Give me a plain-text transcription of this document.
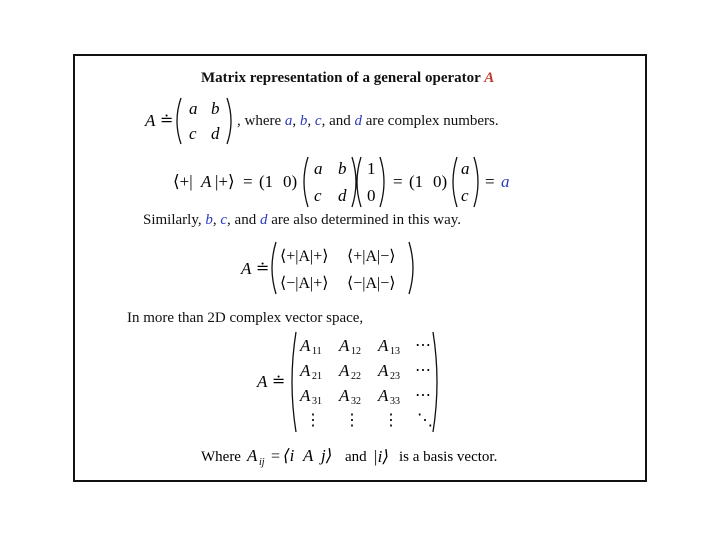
Matrix representation of a general operator A
A ≐
a b
c d
, where a, b, c, and d are complex numbers.
⟨+| A |+⟩ = (1 0)
a b
c d
1
0
= (1 0)
a
c
= a
Similarly, b, c, and d are also determined in this way.
A ≐
⟨+|A|+⟩ ⟨+|A|−⟩
⟨−|A|+⟩ ⟨−|A|−⟩
In more than 2D complex vector space,
A ≐
A 11 A 12 A 13 ⋯
A 21 A 22 A 23 ⋯
A 31 A 32 A 33 ⋯
⋮ ⋮ ⋮ ⋱
Where A ij = ⟨i A j⟩ and |i⟩ is a basis vector.
